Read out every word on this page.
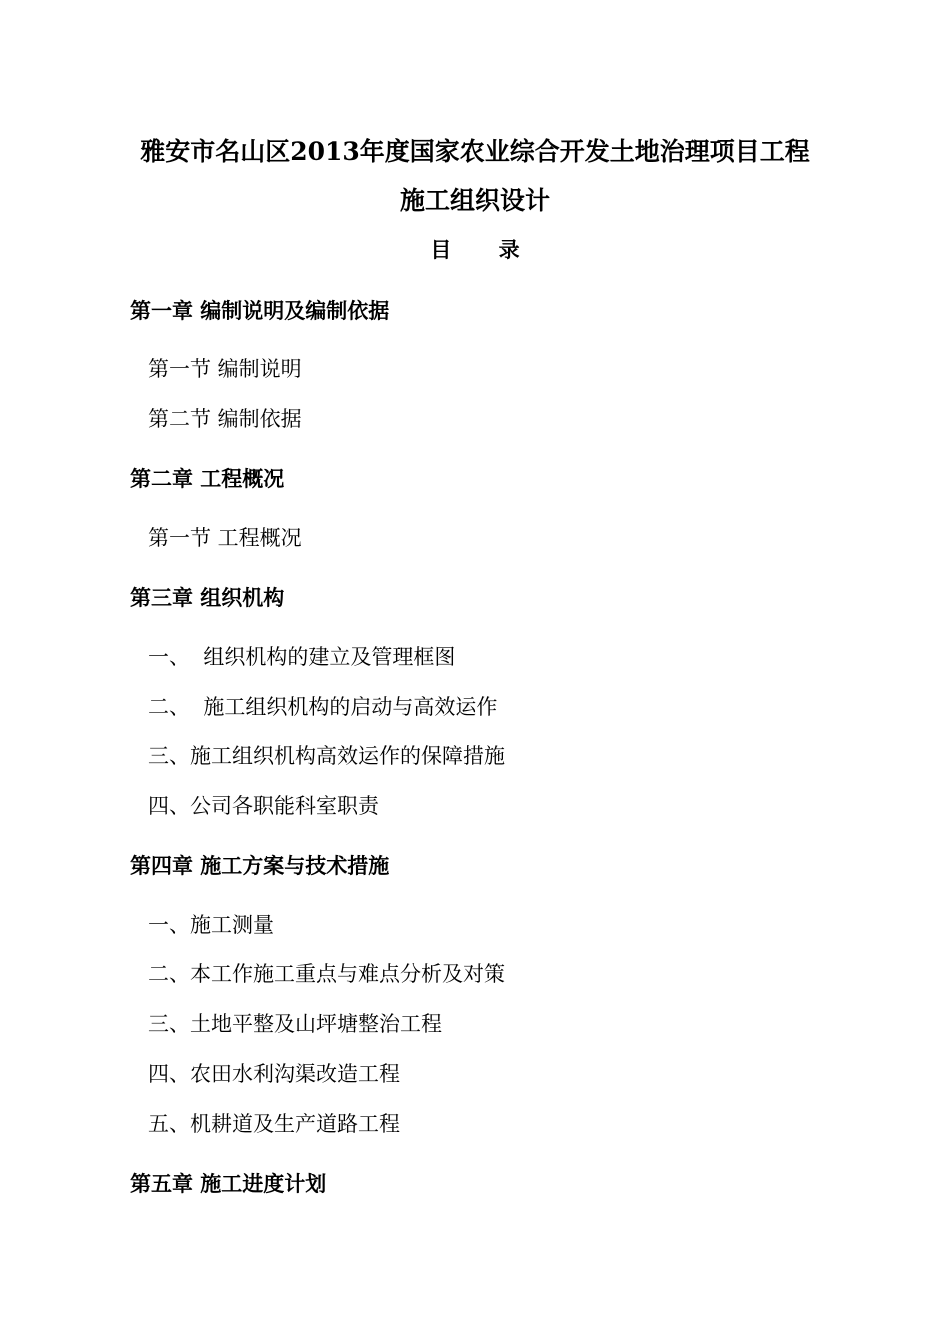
雅安市名山区2013年度国家农业综合开发土地治理项目工程
施工组织设计
目 录
第一章 编制说明及编制依据
第一节 编制说明
第二节 编制依据
第二章 工程概况
第一节 工程概况
第三章 组织机构
一、  组织机构的建立及管理框图
二、  施工组织机构的启动与高效运作
三、施工组织机构高效运作的保障措施
四、公司各职能科室职责
第四章 施工方案与技术措施
一、施工测量
二、本工作施工重点与难点分析及对策
三、土地平整及山坪塘整治工程
四、农田水利沟渠改造工程
五、机耕道及生产道路工程
第五章 施工进度计划
